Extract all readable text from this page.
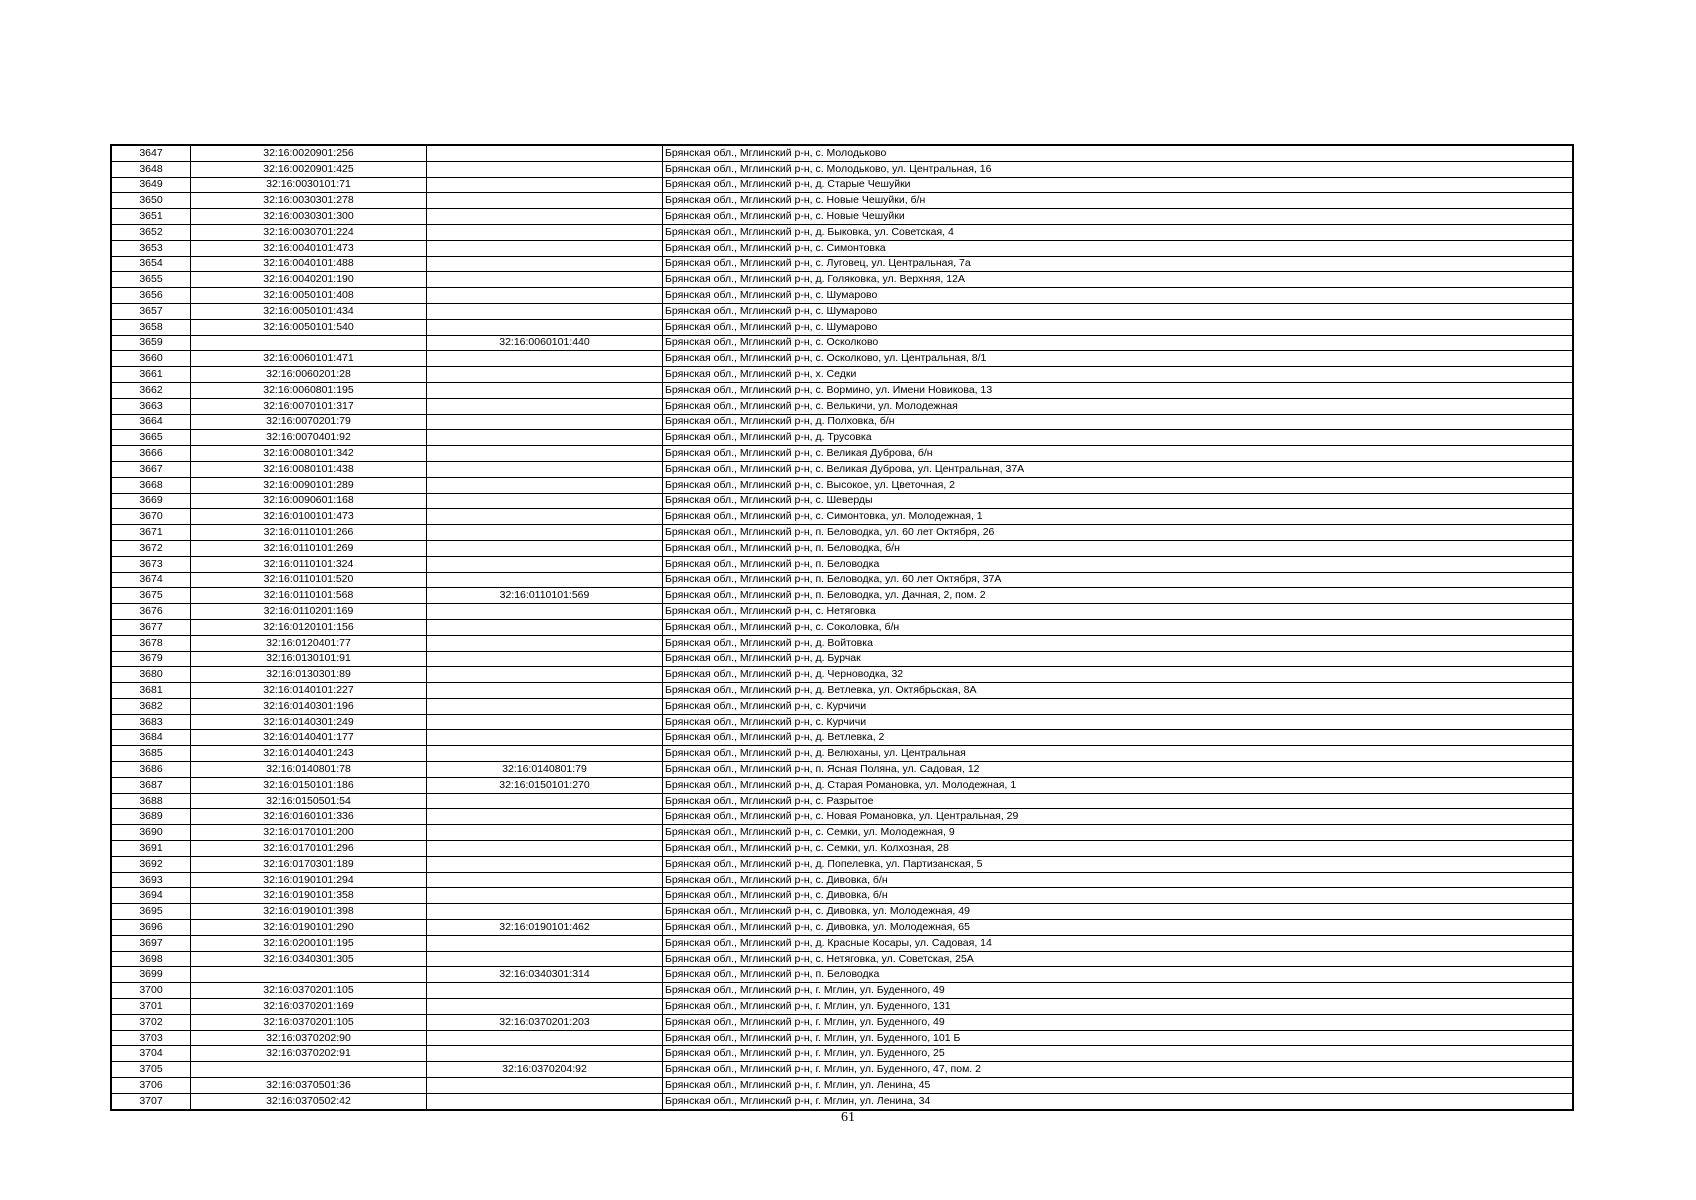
3647	32:16:0020901:256		Брянская обл., Мглинский р-н, с. Молодьково
3648	32:16:0020901:425		Брянская обл., Мглинский р-н, с. Молодьково, ул. Центральная, 16
3649	32:16:0030101:71		Брянская обл., Мглинский р-н, д. Старые Чешуйки
3650	32:16:0030301:278		Брянская обл., Мглинский р-н, с. Новые Чешуйки, б/н
3651	32:16:0030301:300		Брянская обл., Мглинский р-н, с. Новые Чешуйки
3652	32:16:0030701:224		Брянская обл., Мглинский р-н, д. Быковка, ул. Советская, 4
3653	32:16:0040101:473		Брянская обл., Мглинский р-н, с. Симонтовка
3654	32:16:0040101:488		Брянская обл., Мглинский р-н, с. Луговец, ул. Центральная, 7а
3655	32:16:0040201:190		Брянская обл., Мглинский р-н, д. Голяковка, ул. Верхняя, 12А
3656	32:16:0050101:408		Брянская обл., Мглинский р-н, с. Шумарово
3657	32:16:0050101:434		Брянская обл., Мглинский р-н, с. Шумарово
3658	32:16:0050101:540		Брянская обл., Мглинский р-н, с. Шумарово
3659		32:16:0060101:440	Брянская обл., Мглинский р-н, с. Осколково
3660	32:16:0060101:471		Брянская обл., Мглинский р-н, с. Осколково, ул. Центральная, 8/1
3661	32:16:0060201:28		Брянская обл., Мглинский р-н, х. Седки
3662	32:16:0060801:195		Брянская обл., Мглинский р-н, с. Вормино, ул. Имени Новикова, 13
3663	32:16:0070101:317		Брянская обл., Мглинский р-н, с. Велькичи, ул. Молодежная
3664	32:16:0070201:79		Брянская обл., Мглинский р-н, д. Полховка, б/н
3665	32:16:0070401:92		Брянская обл., Мглинский р-н, д. Трусовка
3666	32:16:0080101:342		Брянская обл., Мглинский р-н, с. Великая Дуброва, б/н
3667	32:16:0080101:438		Брянская обл., Мглинский р-н, с. Великая Дуброва, ул. Центральная, 37А
3668	32:16:0090101:289		Брянская обл., Мглинский р-н, с. Высокое, ул. Цветочная, 2
3669	32:16:0090601:168		Брянская обл., Мглинский р-н, с. Шеверды
3670	32:16:0100101:473		Брянская обл., Мглинский р-н, с. Симонтовка, ул. Молодежная, 1
3671	32:16:0110101:266		Брянская обл., Мглинский р-н, п. Беловодка, ул. 60 лет Октября, 26
3672	32:16:0110101:269		Брянская обл., Мглинский р-н, п. Беловодка, б/н
3673	32:16:0110101:324		Брянская обл., Мглинский р-н, п. Беловодка
3674	32:16:0110101:520		Брянская обл., Мглинский р-н, п. Беловодка, ул. 60 лет Октября, 37А
3675	32:16:0110101:568	32:16:0110101:569	Брянская обл., Мглинский р-н, п. Беловодка, ул. Дачная, 2, пом. 2
3676	32:16:0110201:169		Брянская обл., Мглинский р-н, с. Нетяговка
3677	32:16:0120101:156		Брянская обл., Мглинский р-н, с. Соколовка, б/н
3678	32:16:0120401:77		Брянская обл., Мглинский р-н, д. Войтовка
3679	32:16:0130101:91		Брянская обл., Мглинский р-н, д. Бурчак
3680	32:16:0130301:89		Брянская обл., Мглинский р-н, д. Черноводка, 32
3681	32:16:0140101:227		Брянская обл., Мглинский р-н, д. Ветлевка, ул. Октябрьская, 8А
3682	32:16:0140301:196		Брянская обл., Мглинский р-н, с. Курчичи
3683	32:16:0140301:249		Брянская обл., Мглинский р-н, с. Курчичи
3684	32:16:0140401:177		Брянская обл., Мглинский р-н, д. Ветлевка, 2
3685	32:16:0140401:243		Брянская обл., Мглинский р-н, д. Велюханы, ул. Центральная
3686	32:16:0140801:78	32:16:0140801:79	Брянская обл., Мглинский р-н, п. Ясная Поляна, ул. Садовая, 12
3687	32:16:0150101:186	32:16:0150101:270	Брянская обл., Мглинский р-н, д. Старая Романовка, ул. Молодежная, 1
3688	32:16:0150501:54		Брянская обл., Мглинский р-н, с. Разрытое
3689	32:16:0160101:336		Брянская обл., Мглинский р-н, с. Новая Романовка, ул. Центральная, 29
3690	32:16:0170101:200		Брянская обл., Мглинский р-н, с. Семки, ул. Молодежная, 9
3691	32:16:0170101:296		Брянская обл., Мглинский р-н, с. Семки, ул. Колхозная, 28
3692	32:16:0170301:189		Брянская обл., Мглинский р-н, д. Попелевка, ул. Партизанская, 5
3693	32:16:0190101:294		Брянская обл., Мглинский р-н, с. Дивовка, б/н
3694	32:16:0190101:358		Брянская обл., Мглинский р-н, с. Дивовка, б/н
3695	32:16:0190101:398		Брянская обл., Мглинский р-н, с. Дивовка, ул. Молодежная, 49
3696	32:16:0190101:290	32:16:0190101:462	Брянская обл., Мглинский р-н, с. Дивовка, ул. Молодежная, 65
3697	32:16:0200101:195		Брянская обл., Мглинский р-н, д. Красные Косары, ул. Садовая, 14
3698	32:16:0340301:305		Брянская обл., Мглинский р-н, с. Нетяговка, ул. Советская, 25А
3699		32:16:0340301:314	Брянская обл., Мглинский р-н, п. Беловодка
3700	32:16:0370201:105		Брянская обл., Мглинский р-н, г. Мглин, ул. Буденного, 49
3701	32:16:0370201:169		Брянская обл., Мглинский р-н, г. Мглин, ул. Буденного, 131
3702	32:16:0370201:105	32:16:0370201:203	Брянская обл., Мглинский р-н, г. Мглин, ул. Буденного, 49
3703	32:16:0370202:90		Брянская обл., Мглинский р-н, г. Мглин, ул. Буденного, 101 Б
3704	32:16:0370202:91		Брянская обл., Мглинский р-н, г. Мглин, ул. Буденного, 25
3705		32:16:0370204:92	Брянская обл., Мглинский р-н, г. Мглин, ул. Буденного, 47, пом. 2
3706	32:16:0370501:36		Брянская обл., Мглинский р-н, г. Мглин, ул. Ленина, 45
3707	32:16:0370502:42		Брянская обл., Мглинский р-н, г. Мглин, ул. Ленина, 34
61
